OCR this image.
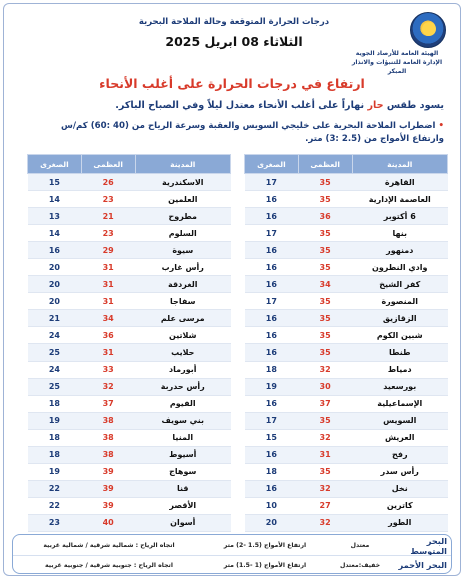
الهيئة العامة للأرصاد الجوية
الإدارة العامة للتنبؤات والانذار المبكر
درجات الحرارة المتوقعة وحالة الملاحة البحرية
الثلاثاء 08 ابريل 2025
ارتفاع في درجات الحرارة على أغلب الأنحاء
يسود طقس حار نهاراً على أغلب الأنحاء معتدل ليلاً وفي الصباح الباكر.
• اضطراب الملاحة البحرية على خليجي السويس والعقبة وسرعة الرياح من (40 :60) كم/س
وارتفاع الأمواج من (2.5 :3) متر.
المدينة	العظمى	الصغرى
القاهرة	35	17
العاصمة الإدارية	35	16
6 أكتوبر	36	16
بنها	35	17
دمنهور	35	16
وادي النطرون	35	16
كفر الشيخ	34	16
المنصورة	35	17
الزقازيق	35	16
شبين الكوم	35	16
طنطا	35	16
دمياط	32	18
بورسعيد	30	19
الإسماعيلية	37	16
السويس	35	17
العريش	32	15
رفح	31	16
رأس سدر	35	18
نخل	32	16
كاترين	27	10
الطور	32	20

المدينة	العظمى	الصغرى
الاسكندرية	26	15
العلمين	23	14
مطروح	21	13
السلوم	23	14
سيوة	29	16
رأس غارب	31	20
الغردقة	31	20
سفاجا	31	20
مرسى علم	34	21
شلاتين	36	24
حلايب	31	25
أبورماد	33	24
رأس حدربة	32	25
الفيوم	37	18
بني سويف	38	19
المنيا	38	18
أسيوط	38	18
سوهاج	39	19
قنا	39	22
الأقصر	39	22
أسوان	40	23

البحر المتوسط
معتدل
ارتفاع الأمواج (1.5 -2) متر
اتجاه الرياح : شمالية شرقية / شمالية غربية
البحر الأحمر
خفيف:معتدل
ارتفاع الأمواج (1 -1.5) متر
اتجاه الرياح : جنوبية شرقية / جنوبية غربية
